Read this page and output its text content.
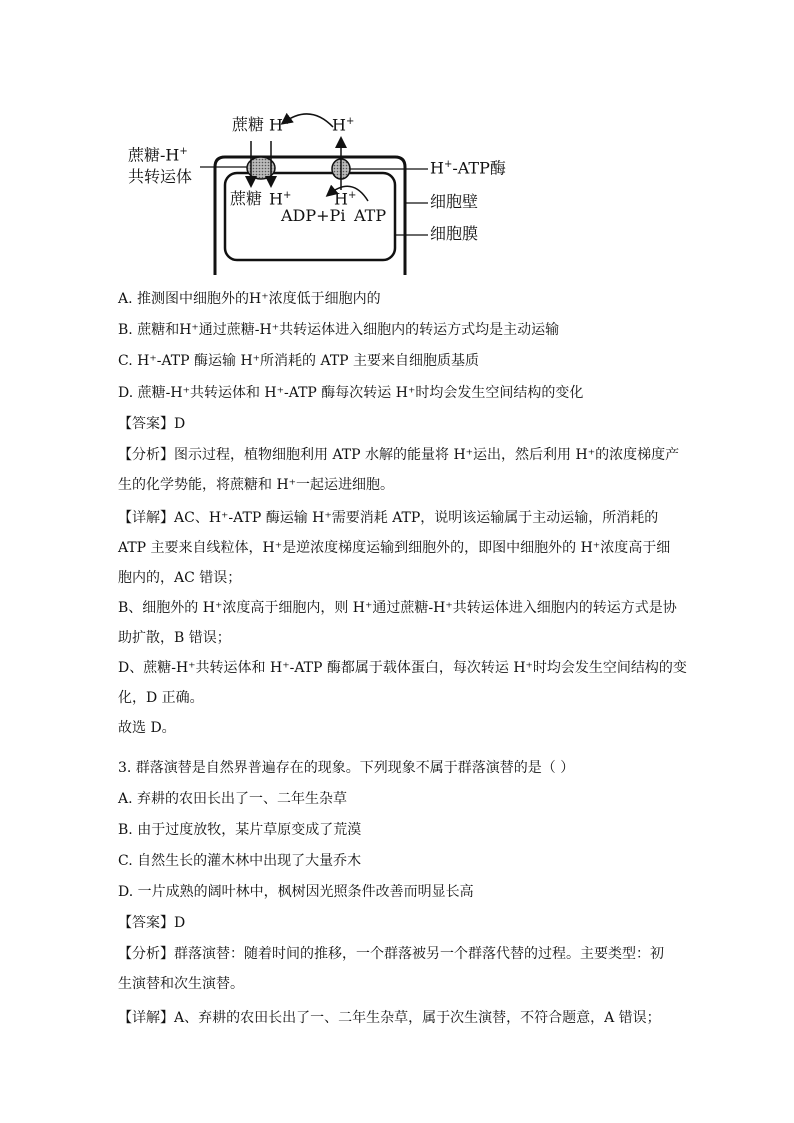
蔗糖 H+	H+
蔗糖-H+
共转运体	H+-ATP酶
细胞壁
细胞膜
蔗糖 H+	H+
ADP+Pi ATP
A. 推测图中细胞外的H⁺浓度低于细胞内的
B. 蔗糖和H⁺通过蔗糖-H⁺共转运体进入细胞内的转运方式均是主动运输
C. H⁺-ATP 酶运输 H⁺所消耗的 ATP 主要来自细胞质基质
D. 蔗糖-H⁺共转运体和 H⁺-ATP 酶每次转运 H⁺时均会发生空间结构的变化
【答案】D
【分析】图示过程，植物细胞利用 ATP 水解的能量将 H⁺运出，然后利用 H⁺的浓度梯度产
生的化学势能，将蔗糖和 H⁺一起运进细胞。
【详解】AC、H⁺-ATP 酶运输 H⁺需要消耗 ATP，说明该运输属于主动运输，所消耗的
ATP 主要来自线粒体，H⁺是逆浓度梯度运输到细胞外的，即图中细胞外的 H⁺浓度高于细
胞内的，AC 错误；
B、细胞外的 H⁺浓度高于细胞内，则 H⁺通过蔗糖-H⁺共转运体进入细胞内的转运方式是协
助扩散，B 错误；
D、蔗糖-H⁺共转运体和 H⁺-ATP 酶都属于载体蛋白，每次转运 H⁺时均会发生空间结构的变
化，D 正确。
故选 D。
3. 群落演替是自然界普遍存在的现象。下列现象不属于群落演替的是（ ）
A. 弃耕的农田长出了一、二年生杂草
B. 由于过度放牧，某片草原变成了荒漠
C. 自然生长的灌木林中出现了大量乔木
D. 一片成熟的阔叶林中，枫树因光照条件改善而明显长高
【答案】D
【分析】群落演替：随着时间的推移，一个群落被另一个群落代替的过程。主要类型：初
生演替和次生演替。
【详解】A、弃耕的农田长出了一、二年生杂草，属于次生演替，不符合题意，A 错误；
